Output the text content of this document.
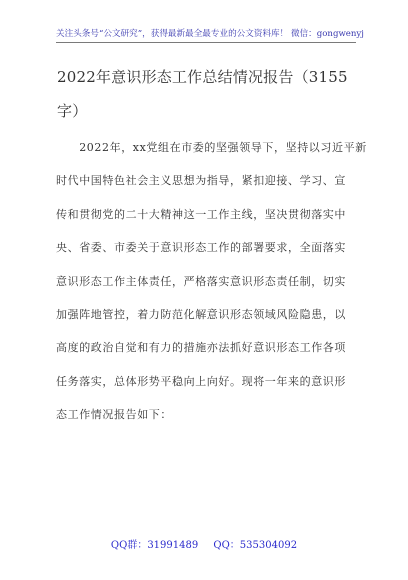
关注头条号“公文研究”，获得最新最全最专业的公文资料库！ 微信：gongwenyj
2022年意识形态工作总结情况报告（3155
字）

　　2022年，xx党组在市委的坚强领导下，坚持以习近平新
时代中国特色社会主义思想为指导，紧扣迎接、学习、宣
传和贯彻党的二十大精神这一工作主线，坚决贯彻落实中
央、省委、市委关于意识形态工作的部署要求，全面落实
意识形态工作主体责任，严格落实意识形态责任制，切实
加强阵地管控，着力防范化解意识形态领域风险隐患，以
高度的政治自觉和有力的措施亦法抓好意识形态工作各项
任务落实，总体形势平稳向上向好。现将一年来的意识形
态工作情况报告如下：

QQ群：31991489 QQ：535304092
